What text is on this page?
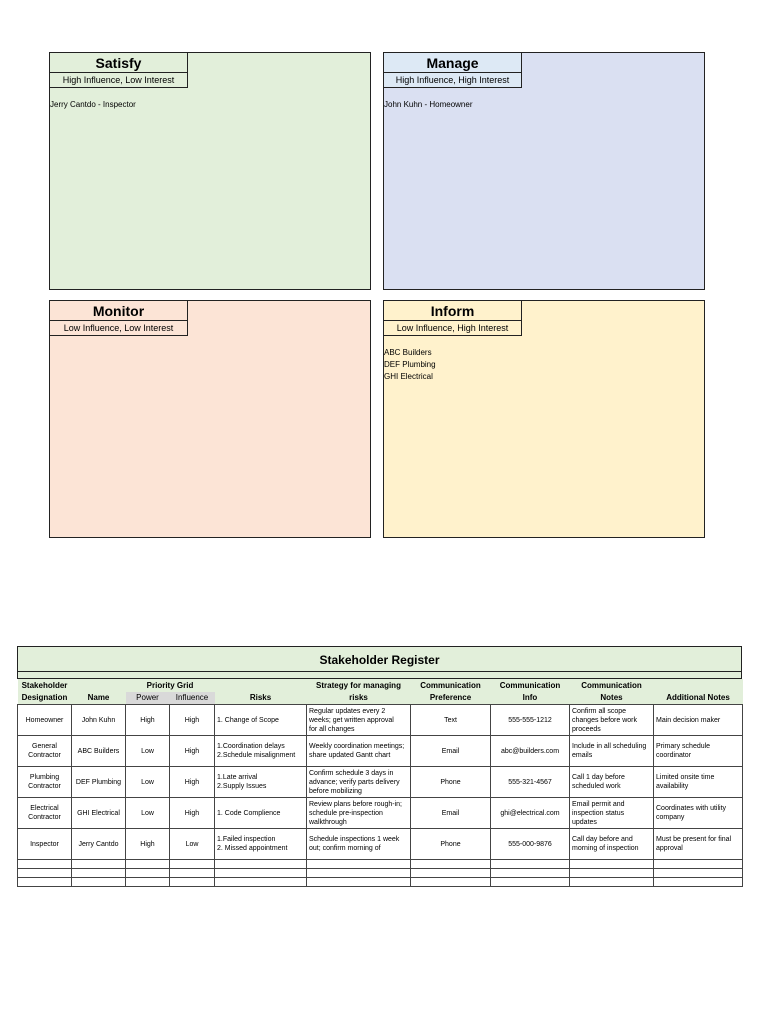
Satisfy
High Influence, Low Interest
Jerry Cantdo - Inspector
Manage
High Influence, High Interest
John Kuhn - Homeowner
Monitor
Low Influence, Low Interest
Inform
Low Influence, High Interest
ABC Builders
DEF Plumbing
GHI Electrical
Stakeholder Register
Stakeholder		Priority Grid			Strategy for managing	Communication	Communication	Communication	
Designation	Name	Power	Influence	Risks	risks	Preference	Info	Notes	Additional Notes
Homeowner	John Kuhn	High	High	1. Change of Scope	Regular updates every 2
weeks; get written approval
for all changes	Text	555-555-1212	Confirm all scope
changes before work
proceeds	Main decision maker
General Contractor	ABC Builders	Low	High	1.Coordination delays
2.Schedule misalignment	Weekly coordination meetings;
share updated Gantt chart	Email	abc@builders.com	Include in all scheduling
emails	Primary schedule
coordinator
Plumbing Contractor	DEF Plumbing	Low	High	1.Late arrival
2.Supply Issues	Confirm schedule 3 days in
advance; verify parts delivery
before mobilizing	Phone	555-321-4567	Call 1 day before
scheduled work	Limited onsite time
availability
Electrical Contractor	GHI Electrical	Low	High	1. Code Complience	Review plans before rough-in;
schedule pre-inspection
walkthrough	Email	ghi@electrical.com	Email permit and
inspection status
updates	Coordinates with utility
company
Inspector	Jerry Cantdo	High	Low	1.Failed inspection
2. Missed appointment	Schedule inspections 1 week
out; confirm morning of	Phone	555-000-9876	Call day before and
morning of inspection	Must be present for final
approval
